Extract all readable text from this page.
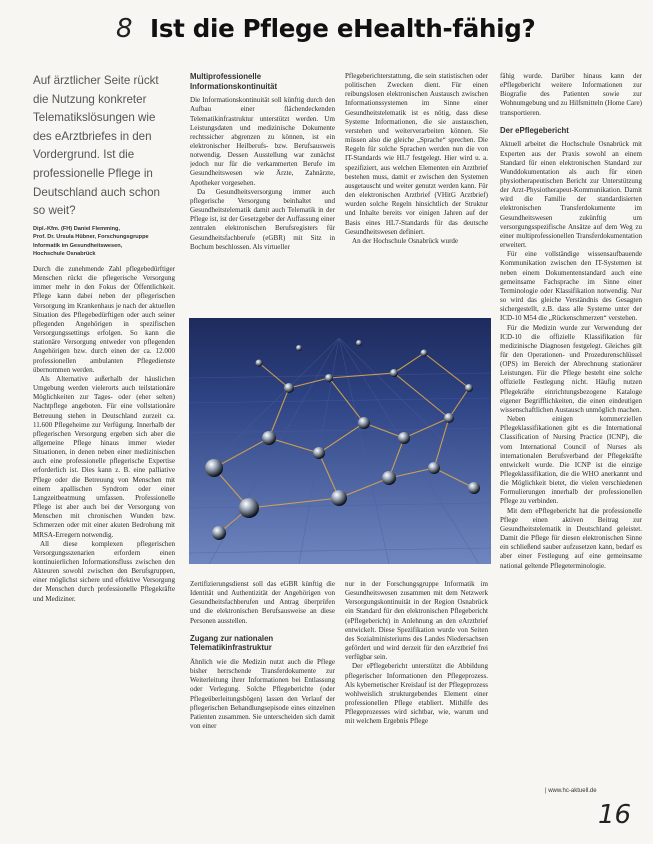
8 Ist die Pflege eHealth-fähig?
Auf ärztlicher Seite rückt die Nutzung konkreter Telematikslösungen wie des eArztbriefes in den Vordergrund. Ist die professionelle Pflege in Deutschland auch schon so weit?
Dipl.-Kfm. (FH) Daniel Flemming,
Prof. Dr. Ursula Hübner, Forschungsgruppe
Informatik im Gesundheitswesen,
Hochschule Osnabrück

Durch die zunehmende Zahl pflegebedürftiger Menschen rückt die pflegerische Versorgung immer mehr in den Fokus der Öffentlichkeit. Pflege kann dabei neben der pflegerischen Versorgung im Krankenhaus je nach der aktuellen Situation des Pflegebedürftigen oder auch seiner pflegenden Angehörigen in spezifischen Versorgungssettings erfolgen. So kann die stationäre Versorgung entweder von pflegenden Angehörigen bzw. durch einen der ca. 12.000 professionellen ambulanten Pflegedienste übernommen werden.

Als Alternative außerhalb der häuslichen Umgebung werden vielerorts auch teilstationäre Möglichkeiten zur Tages- oder (eher selten) Nachtpflege angeboten. Für eine vollstationäre Betreuung stehen in Deutschland zurzeit ca. 11.600 Pflegeheime zur Verfügung. Innerhalb der pflegerischen Versorgung ergeben sich aber die allgemeine Pflege hinaus immer wieder Situationen, in denen neben einer medizinischen auch eine professionelle pflegerische Expertise erforderlich ist. Dies kann z. B. eine palliative Pflege oder die Betreuung von Menschen mit einem apallischen Syndrom oder einer Langzeitbeatmung umfassen. Professionelle Pflege ist aber auch bei der Versorgung von Menschen mit chronischen Wunden bzw. Schmerzen oder mit einer akuten Bedrohung mit MRSA-Erregern notwendig.

All diese komplexen pflegerischen Versorgungsszenarien erfordern einen kontinuierlichen Informationsfluss zwischen den Akteuren sowohl zwischen den Berufsgruppen, einer möglichst sichere und effektive Versorgung der Menschen durch professionelle Pflegekräfte und Mediziner.

Multiprofessionelle Informationskontinuität

Die Informationskontinuität soll künftig durch den Aufbau einer flächendeckenden Telematikinfrastruktur unterstützt werden. Um Leistungsdaten und medizinische Dokumente rechtssicher abgrenzen zu können, ist ein elektronischer Heilberufs- bzw. Berufsausweis notwendig. Dessen Ausstellung war zunächst jedoch nur für die verkammerten Berufe im Gesundheitswesen wie Ärzte, Zahnärzte, Apotheker vorgesehen.

Da Gesundheitsversorgung immer auch pflegerische Versorgung beinhaltet und Gesundheitstelematik damit auch Telematik in der Pflege ist, ist der Gesetzgeber der Auffassung einer zentralen elektronischen Berufsregisters für Gesundheitsfachberufe (eGBR) mit Sitz in Bochum beschlossen. Als virtueller

Pflegeberichterstattung, die sein statistischen oder politischen Zwecken dient. Für einen reibungslosen elektronischen Austausch zwischen Informationssystemen im Sinne einer Gesundheitstelematik ist es nötig, dass diese Systeme Informationen, die sie austauschen, verstehen und weiterverarbeiten können. Sie müssen also die gleiche „Sprache“ sprechen. Die Regeln für solche Sprachen werden nun die von IT-Standards wie HL7 festgelegt. Hier wird u. a. spezifiziert, aus welchen Elementen ein Arztbrief bestehen muss, damit er zwischen den Systemen ausgetauscht und weiter genutzt werden kann. Für den elektronischen Arztbrief (VHitG Arztbrief) wurden solche Regeln hinsichtlich der Struktur und Inhalte bereits vor einigen Jahren auf der Basis eines HL7-Standards für das deutsche Gesundheitswesen definiert.

An der Hochschule Osnabrück wurde

fähig wurde. Darüber hinaus kann der ePflegebericht weitere Informationen zur Biografie des Patienten sowie zur Wohnumgebung und zu Hilfsmitteln (Home Care) transportieren.

Der ePflegebericht

Aktuell arbeitet die Hochschule Osnabrück mit Experten aus der Praxis sowohl an einem Standard für einen elektronischen Standard zur Wunddokumentation als auch für einen physiotherapeutischen Bericht zur Unterstützung der Arzt-Physiotherapeut-Kommunikation. Damit wird die Familie der standardisierten elektronischen Transferdokumente im Gesundheitswesen zukünftig um versorgungsspezifische Ansätze auf dem Weg zu einer multiprofessionellen Transferdokumentation erweitert.

Für eine vollständige wissensaufbauende Kommunikation zwischen den IT-Systemen ist neben einem Dokumentenstandard auch eine gemeinsame Fachsprache im Sinne einer Terminologie oder Klassifikation notwendig. Nur so wird das gleiche Verständnis des Gesagten sichergestellt, z.B. dass alle Systeme unter der ICD-10 M54 die „Rückenschmerzen“ verstehen.

Für die Medizin wurde zur Verwendung der ICD-10 die offizielle Klassifikation für medizinische Diagnosen festgelegt. Gleiches gilt für den Operationen- und Prozedurenschlüssel (OPS) im Bereich der Abrechnung stationärer Leistungen. Für die Pflege besteht eine solche offizielle Festlegung nicht. Häufig nutzen Pflegekräfte einrichtungsbezogene Kataloge eigener Begrifflichkeiten, die einen eindeutigen wissenschaftlichen Austausch unmöglich machen.

Neben einigen kommerziellen Pflegeklassifikationen gibt es die International Classification of Nursing Practice (ICNP), die vom International Council of Nurses als internationalen Berufsverband der Pflegekräfte entwickelt wurde. Die ICNP ist die einzige Pflegeklassifikation, die die WHO anerkannt und die Möglichkeit bietet, die vielen verschiedenen Formulierungen innerhalb der professionellen Pflege zu verbinden.

Mit dem ePflegebericht hat die professionelle Pflege einen aktiven Beitrag zur Gesundheitstelematik in Deutschland geleistet. Damit die Pflege für diesen elektronischen Sinne ein schließend sauber aufzusetzen kann, bedarf es aber einer Festlegung auf eine gemeinsame national geltende Pflegeterminologie.

Zertifizierungsdienst soll das eGBR künftig die Identität und Authentizität der Angehörigen von Gesundheitsfachberufen und Antrag überprüfen und die elektronischen Berufsausweise an diese Personen ausstellen.

Zugang zur nationalen Telematikinfrastruktur

Ähnlich wie die Medizin nutzt auch die Pflege bisher herrschende Transferdokumente zur Weiterleitung ihrer Informationen bei Entlassung oder Verlegung. Solche Pflegeberichte (oder Pflegeüberleitungsbögen) lassen den Verlauf der pflegerischen Behandlungsepisode eines einzelnen Patienten zusammen. Sie unterscheiden sich damit von einer

nur in der Forschungsgruppe Informatik im Gesundheitswesen zusammen mit dem Netzwerk Versorgungskontinuität in der Region Osnabrück ein Standard für den elektronischen Pflegebericht (ePflegebericht) in Anlehnung an den eArztbrief entwickelt. Diese Spezifikation wurde von Seiten des Sozialministeriums des Landes Niedersachsen gefördert und wird derzeit für den eArztbrief frei verfügbar sein.

Der ePflegebericht unterstützt die Abbildung pflegerischer Informationen den Pflegeprozess. Als kybernetischer Kreislauf ist der Pflegeprozess wohlweislich strukturgebendes Element einer professionellen Pflege etabliert. Mithilfe des Pflegeprozesses wird sichtbar, wie, warum und mit welchem Ergebnis Pflege

| www.hc-aktuell.de
16
